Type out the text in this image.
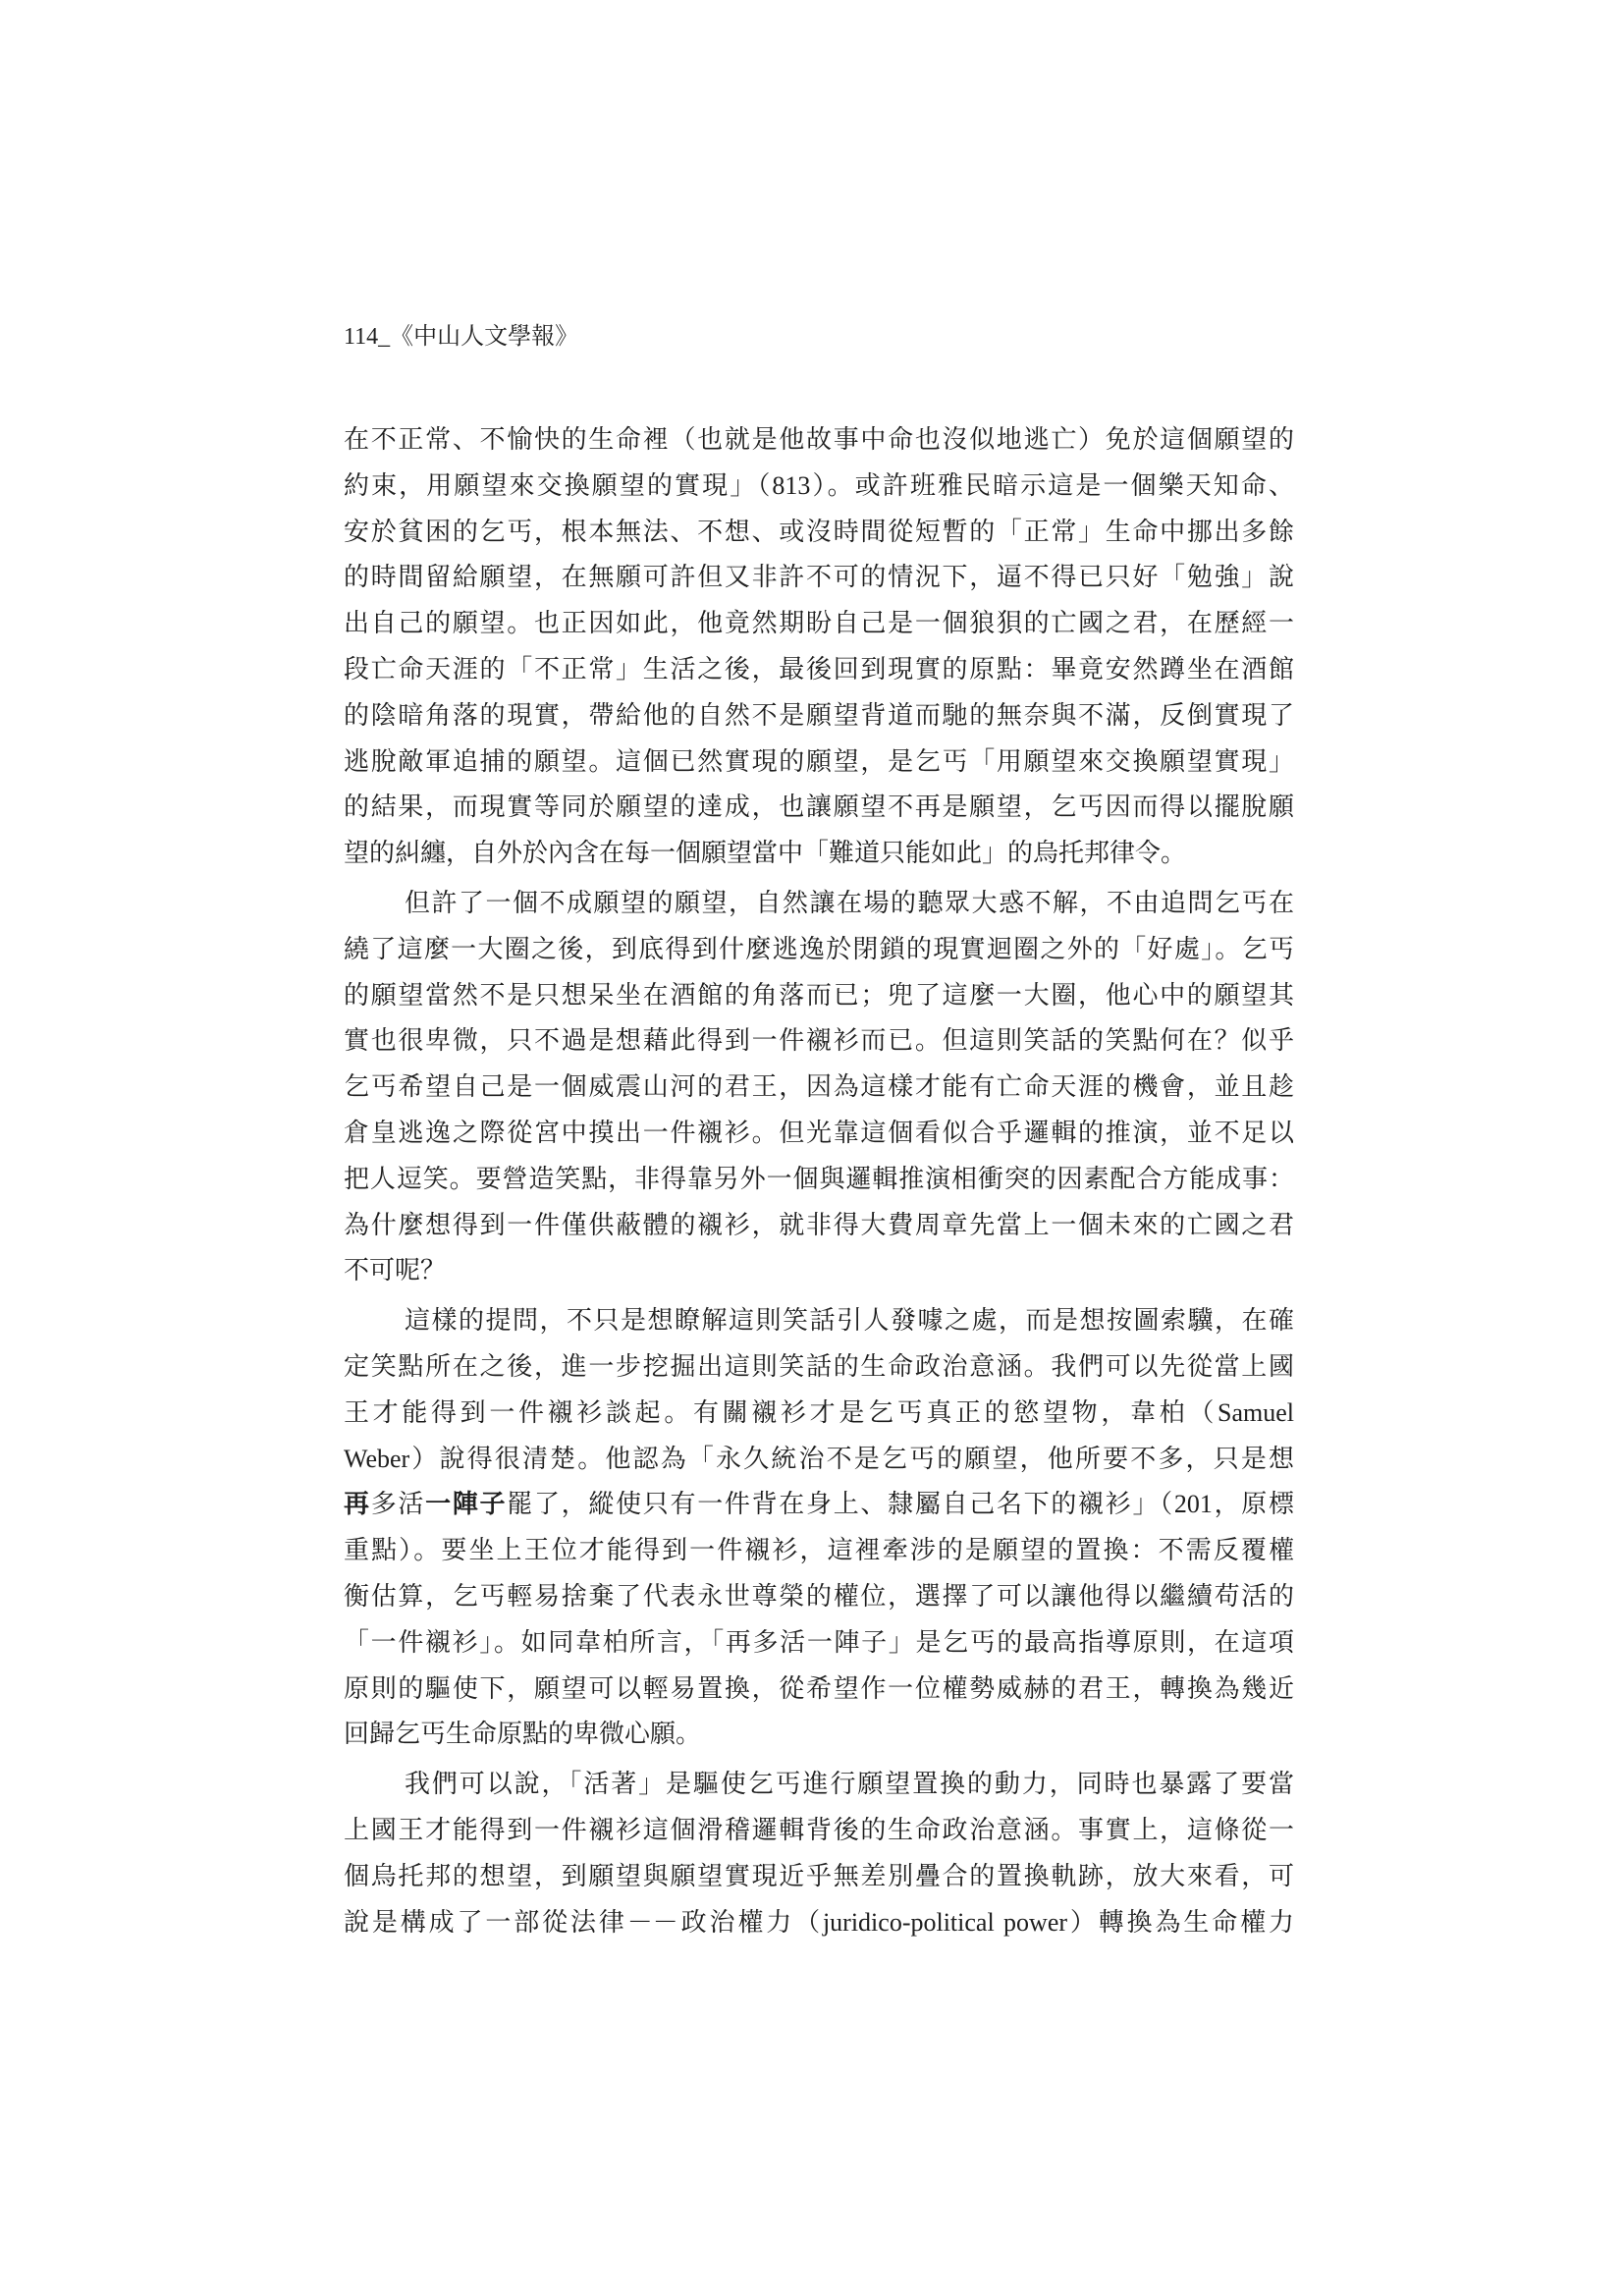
114_《中山人文學報》
在不正常、不愉快的生命裡（也就是他故事中命也沒似地逃亡）免於這個願望的
約束，用願望來交換願望的實現」（813）。或許班雅民暗示這是一個樂天知命、
安於貧困的乞丐，根本無法、不想、或沒時間從短暫的「正常」生命中挪出多餘
的時間留給願望，在無願可許但又非許不可的情況下，逼不得已只好「勉強」說
出自己的願望。也正因如此，他竟然期盼自己是一個狼狽的亡國之君，在歷經一
段亡命天涯的「不正常」生活之後，最後回到現實的原點：畢竟安然蹲坐在酒館
的陰暗角落的現實，帶給他的自然不是願望背道而馳的無奈與不滿，反倒實現了
逃脫敵軍追捕的願望。這個已然實現的願望，是乞丐「用願望來交換願望實現」
的結果，而現實等同於願望的達成，也讓願望不再是願望，乞丐因而得以擺脫願
望的糾纏，自外於內含在每一個願望當中「難道只能如此」的烏托邦律令。
但許了一個不成願望的願望，自然讓在場的聽眾大惑不解，不由追問乞丐在
繞了這麼一大圈之後，到底得到什麼逃逸於閉鎖的現實迴圈之外的「好處」。乞丐
的願望當然不是只想呆坐在酒館的角落而已；兜了這麼一大圈，他心中的願望其
實也很卑微，只不過是想藉此得到一件襯衫而已。但這則笑話的笑點何在？似乎
乞丐希望自己是一個威震山河的君王，因為這樣才能有亡命天涯的機會，並且趁
倉皇逃逸之際從宮中摸出一件襯衫。但光靠這個看似合乎邏輯的推演，並不足以
把人逗笑。要營造笑點，非得靠另外一個與邏輯推演相衝突的因素配合方能成事：
為什麼想得到一件僅供蔽體的襯衫，就非得大費周章先當上一個未來的亡國之君
不可呢？
這樣的提問，不只是想瞭解這則笑話引人發噱之處，而是想按圖索驥，在確
定笑點所在之後，進一步挖掘出這則笑話的生命政治意涵。我們可以先從當上國
王才能得到一件襯衫談起。有關襯衫才是乞丐真正的慾望物，韋柏（Samuel
Weber）說得很清楚。他認為「永久統治不是乞丐的願望，他所要不多，只是想
再多活一陣子罷了，縱使只有一件背在身上、隸屬自己名下的襯衫」（201，原標
重點）。要坐上王位才能得到一件襯衫，這裡牽涉的是願望的置換：不需反覆權
衡估算，乞丐輕易捨棄了代表永世尊榮的權位，選擇了可以讓他得以繼續苟活的
「一件襯衫」。如同韋柏所言，「再多活一陣子」是乞丐的最高指導原則，在這項
原則的驅使下，願望可以輕易置換，從希望作一位權勢威赫的君王，轉換為幾近
回歸乞丐生命原點的卑微心願。
我們可以說，「活著」是驅使乞丐進行願望置換的動力，同時也暴露了要當
上國王才能得到一件襯衫這個滑稽邏輯背後的生命政治意涵。事實上，這條從一
個烏托邦的想望，到願望與願望實現近乎無差別疊合的置換軌跡，放大來看，可
說是構成了一部從法律－－政治權力（juridico-political power）轉換為生命權力
